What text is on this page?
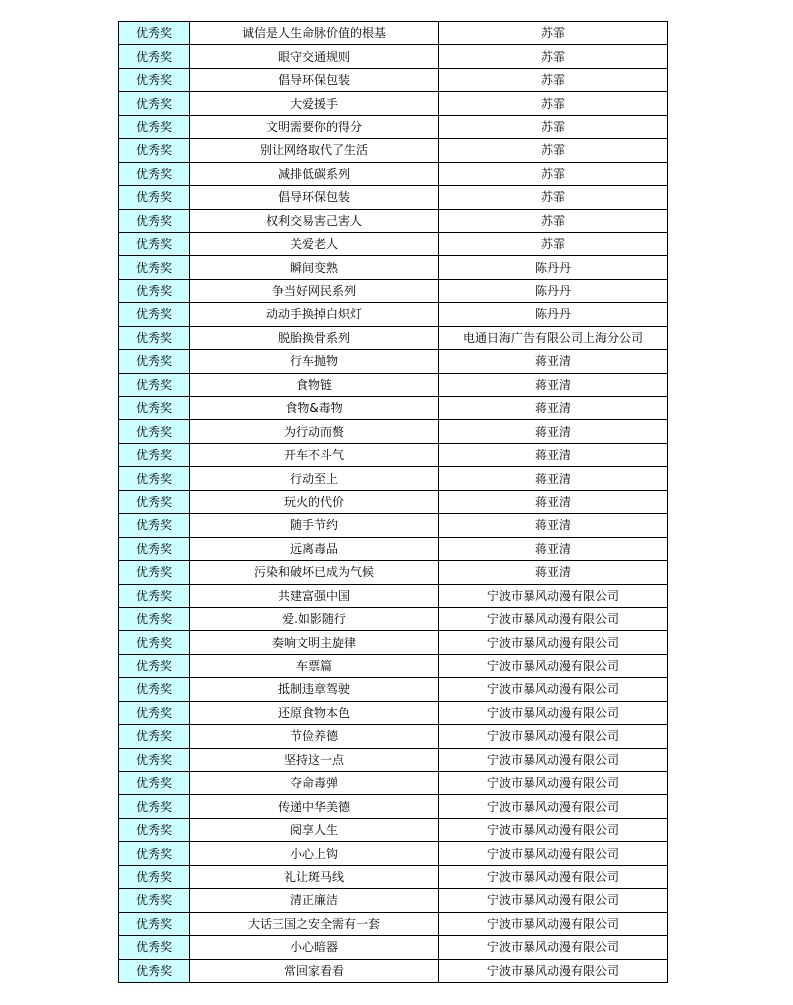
优秀奖	诚信是人生命脉价值的根基	苏霏
优秀奖	眼守交通规则	苏霏
优秀奖	倡导环保包装	苏霏
优秀奖	大爱援手	苏霏
优秀奖	文明需要你的得分	苏霏
优秀奖	别让网络取代了生活	苏霏
优秀奖	减排低碳系列	苏霏
优秀奖	倡导环保包装	苏霏
优秀奖	权利交易害己害人	苏霏
优秀奖	关爱老人	苏霏
优秀奖	瞬间变熟	陈丹丹
优秀奖	争当好网民系列	陈丹丹
优秀奖	动动手换掉白炽灯	陈丹丹
优秀奖	脱胎换骨系列	电通日海广告有限公司上海分公司
优秀奖	行车抛物	蒋亚清
优秀奖	食物链	蒋亚清
优秀奖	食物&毒物	蒋亚清
优秀奖	为行动而赘	蒋亚清
优秀奖	开车不斗气	蒋亚清
优秀奖	行动至上	蒋亚清
优秀奖	玩火的代价	蒋亚清
优秀奖	随手节约	蒋亚清
优秀奖	远离毒品	蒋亚清
优秀奖	污染和破坏已成为气候	蒋亚清
优秀奖	共建富强中国	宁波市暴风动漫有限公司
优秀奖	爱.如影随行	宁波市暴风动漫有限公司
优秀奖	奏响文明主旋律	宁波市暴风动漫有限公司
优秀奖	车票篇	宁波市暴风动漫有限公司
优秀奖	抵制违章驾驶	宁波市暴风动漫有限公司
优秀奖	还原食物本色	宁波市暴风动漫有限公司
优秀奖	节俭养德	宁波市暴风动漫有限公司
优秀奖	坚持这一点	宁波市暴风动漫有限公司
优秀奖	夺命毒弹	宁波市暴风动漫有限公司
优秀奖	传递中华美德	宁波市暴风动漫有限公司
优秀奖	阅享人生	宁波市暴风动漫有限公司
优秀奖	小心上钩	宁波市暴风动漫有限公司
优秀奖	礼让斑马线	宁波市暴风动漫有限公司
优秀奖	清正廉洁	宁波市暴风动漫有限公司
优秀奖	大话三国之安全需有一套	宁波市暴风动漫有限公司
优秀奖	小心暗器	宁波市暴风动漫有限公司
优秀奖	常回家看看	宁波市暴风动漫有限公司
